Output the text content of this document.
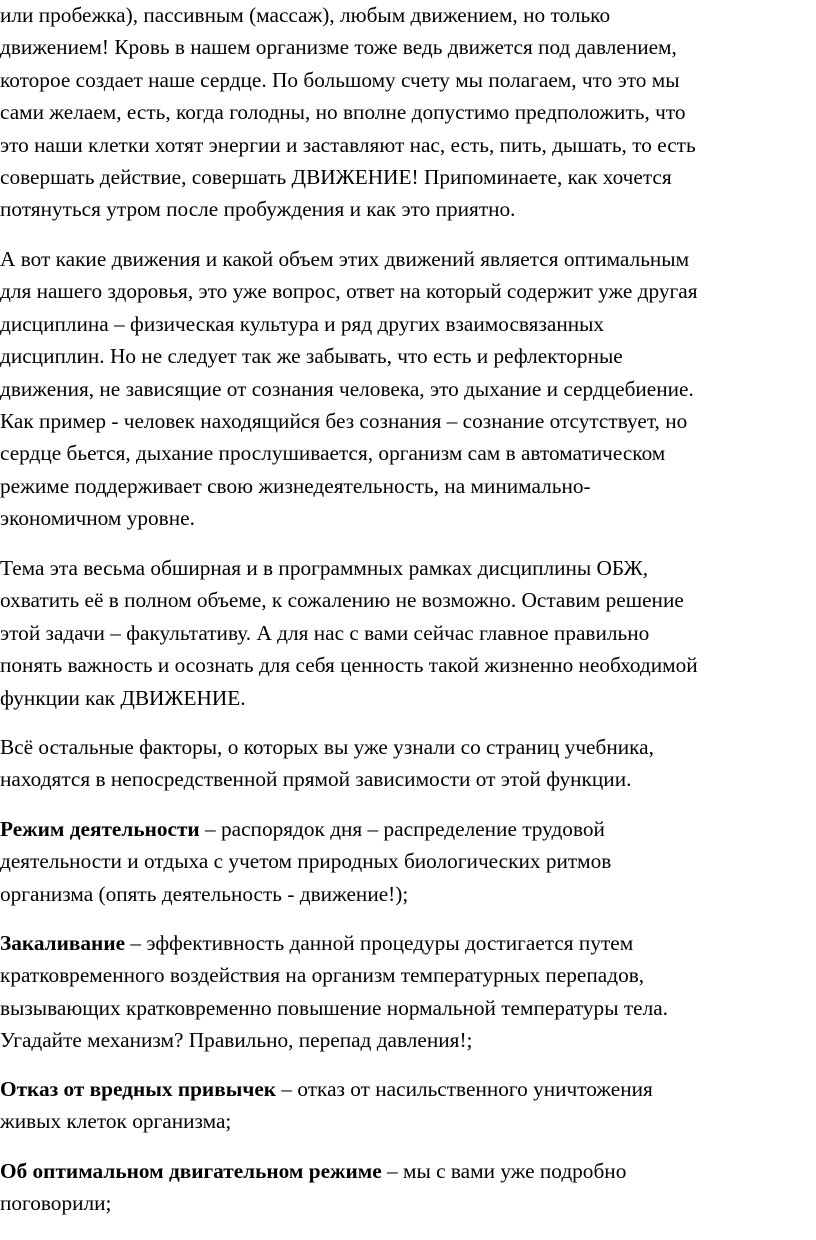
или пробежка), пассивным (массаж), любым движением, но только
движением! Кровь в нашем организме тоже ведь движется под давлением,
которое создает наше сердце. По большому счету мы полагаем, что это мы
сами желаем, есть, когда голодны, но вполне допустимо предположить, что
это наши клетки хотят энергии и заставляют нас, есть, пить, дышать, то есть
совершать действие, совершать ДВИЖЕНИЕ! Припоминаете, как хочется
потянуться утром после пробуждения и как это приятно.

А вот какие движения и какой объем этих движений является оптимальным
для нашего здоровья, это уже вопрос, ответ на который содержит уже другая
дисциплина – физическая культура и ряд других взаимосвязанных
дисциплин. Но не следует так же забывать, что есть и рефлекторные
движения, не зависящие от сознания человека, это дыхание и сердцебиение.
Как пример - человек находящийся без сознания – сознание отсутствует, но
сердце бьется, дыхание прослушивается, организм сам в автоматическом
режиме поддерживает свою жизнедеятельность, на минимально-
экономичном уровне.

Тема эта весьма обширная и в программных рамках дисциплины ОБЖ,
охватить её в полном объеме, к сожалению не возможно. Оставим решение
этой задачи – факультативу. А для нас с вами сейчас главное правильно
понять важность и осознать для себя ценность такой жизненно необходимой
функции как ДВИЖЕНИЕ.

Всё остальные факторы, о которых вы уже узнали со страниц учебника,
находятся в непосредственной прямой зависимости от этой функции.

Режим деятельности – распорядок дня – распределение трудовой
деятельности и отдыха с учетом природных биологических ритмов
организма (опять деятельность - движение!);

Закаливание – эффективность данной процедуры достигается путем
кратковременного воздействия на организм температурных перепадов,
вызывающих кратковременно повышение нормальной температуры тела.
Угадайте механизм? Правильно, перепад давления!;

Отказ от вредных привычек – отказ от насильственного уничтожения
живых клеток организма;

Об оптимальном двигательном режиме – мы с вами уже подробно
поговорили;
